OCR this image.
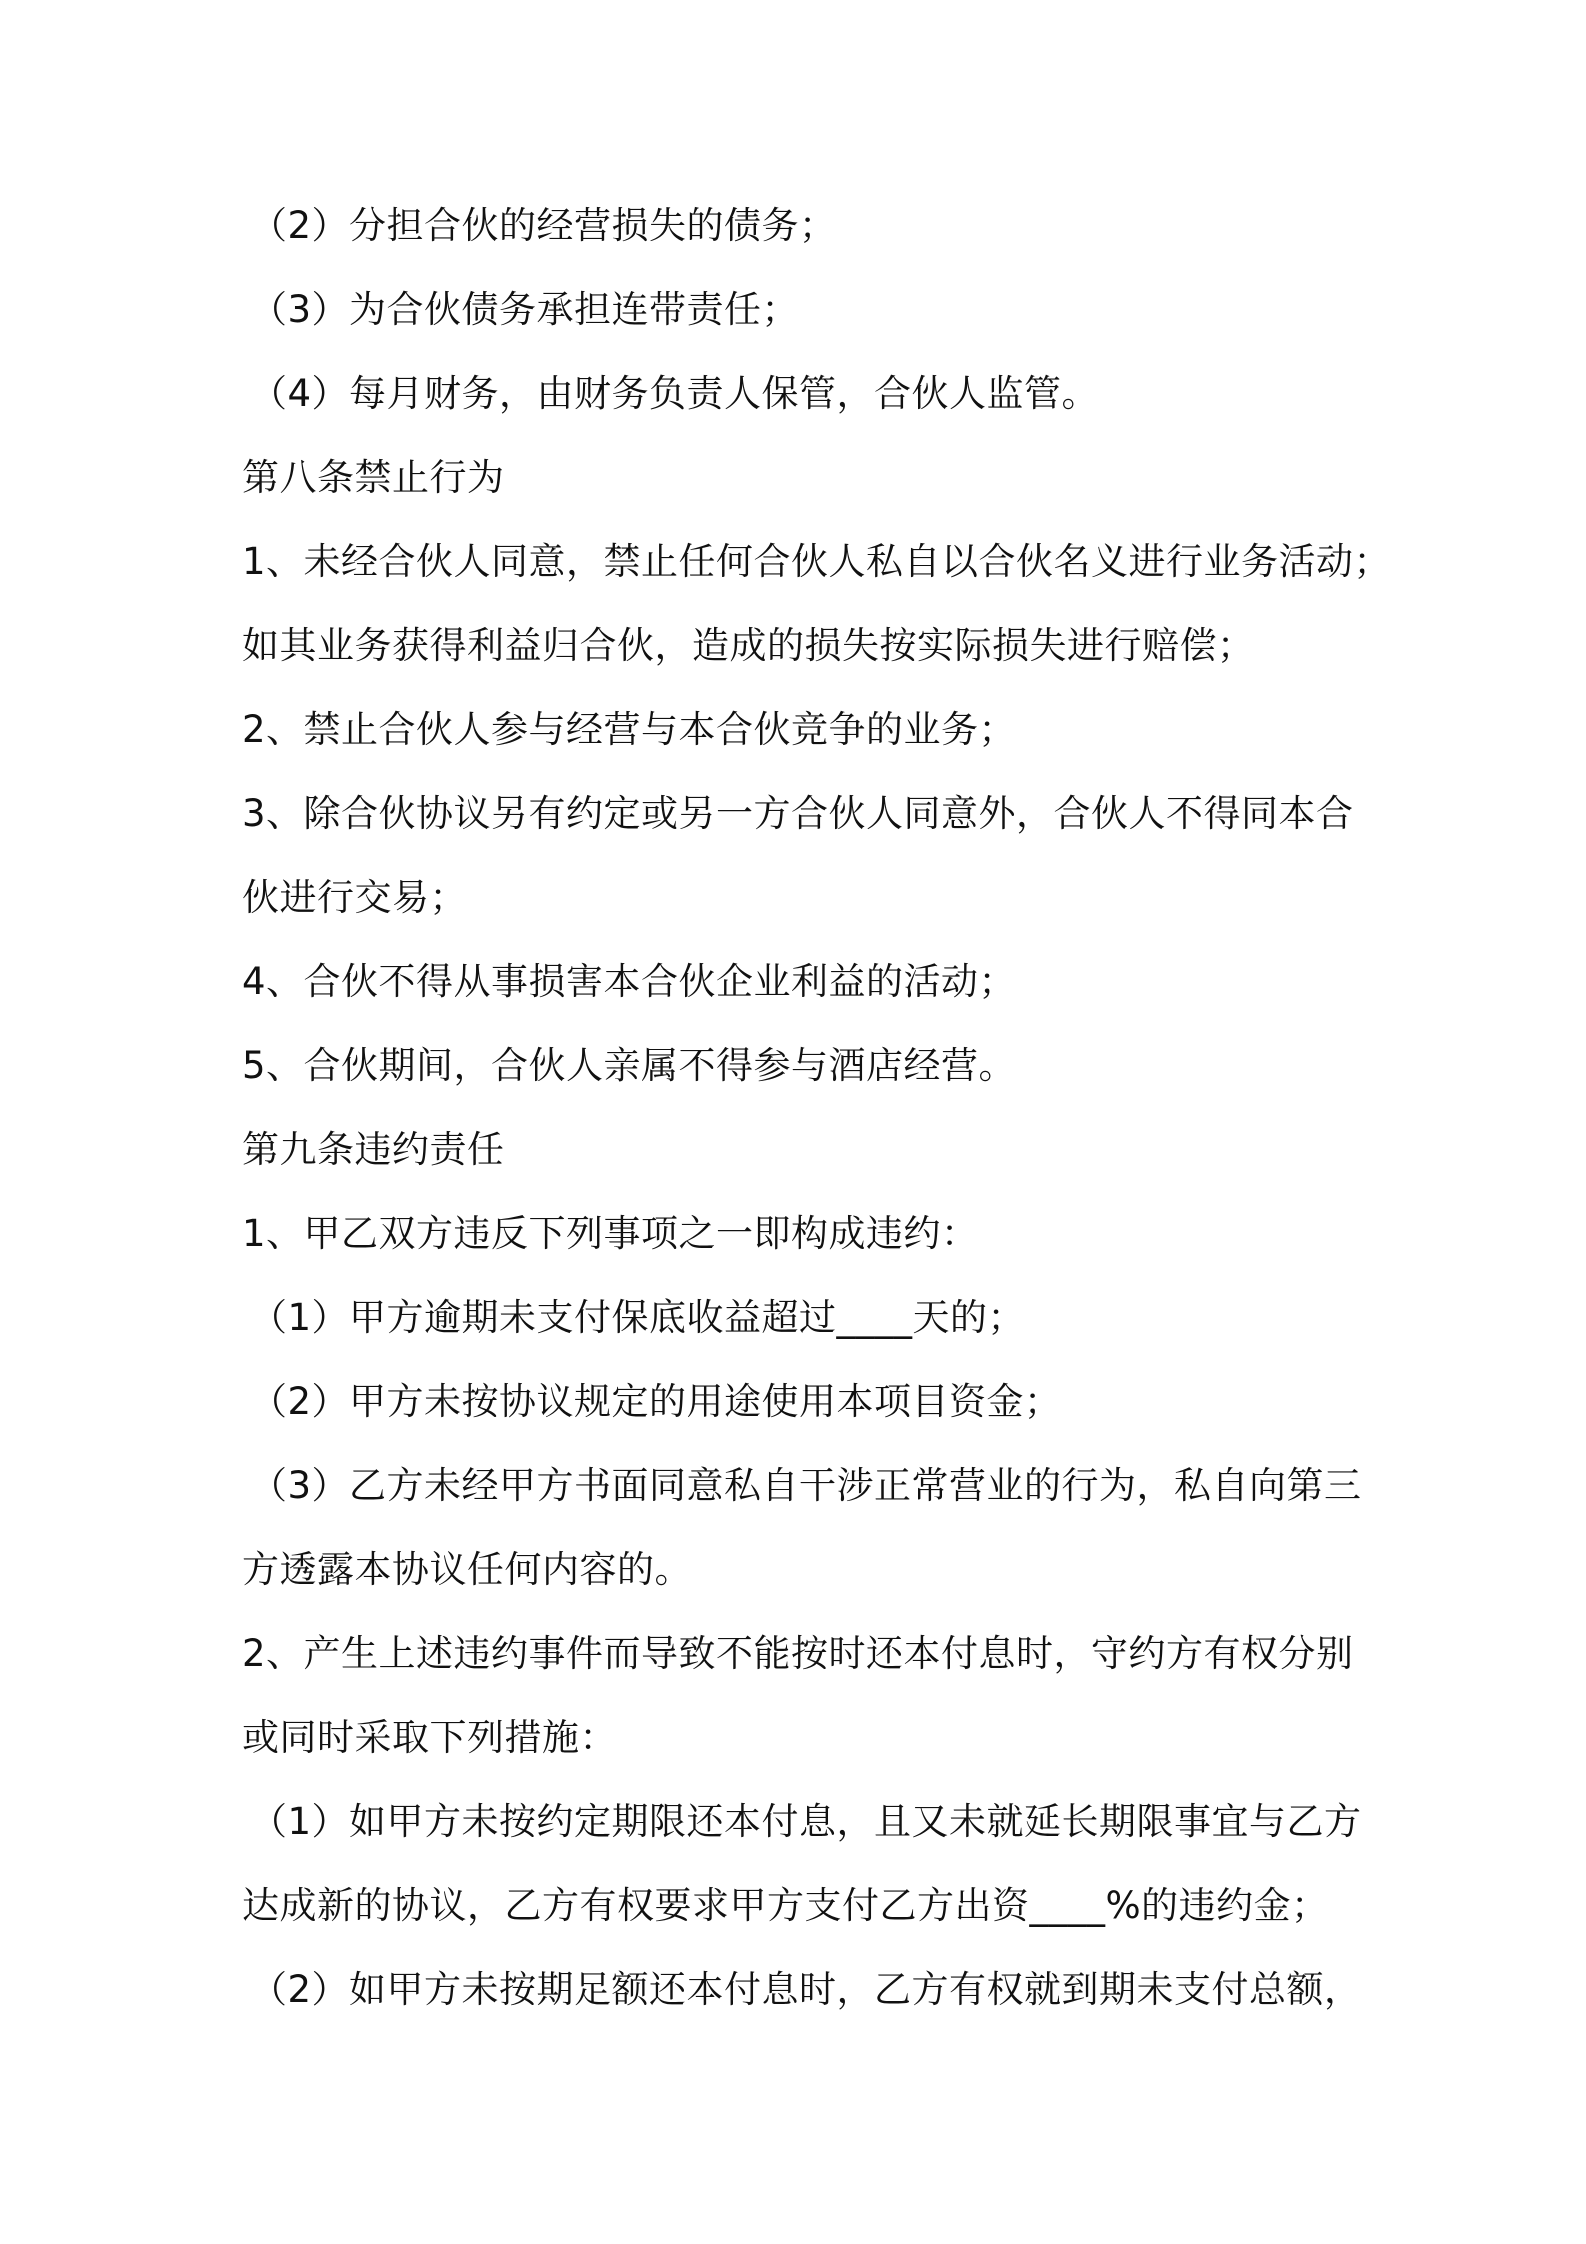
（2）分担合伙的经营损失的债务；
（3）为合伙债务承担连带责任；
（4）每月财务，由财务负责人保管，合伙人监管。
第八条禁止行为
1、未经合伙人同意，禁止任何合伙人私自以合伙名义进行业务活动；
如其业务获得利益归合伙，造成的损失按实际损失进行赔偿；
2、禁止合伙人参与经营与本合伙竞争的业务；
3、除合伙协议另有约定或另一方合伙人同意外，合伙人不得同本合
伙进行交易；
4、合伙不得从事损害本合伙企业利益的活动；
5、合伙期间，合伙人亲属不得参与酒店经营。
第九条违约责任
1、甲乙双方违反下列事项之一即构成违约：
（1）甲方逾期未支付保底收益超过____天的；
（2）甲方未按协议规定的用途使用本项目资金；
（3）乙方未经甲方书面同意私自干涉正常营业的行为，私自向第三
方透露本协议任何内容的。
2、产生上述违约事件而导致不能按时还本付息时，守约方有权分别
或同时采取下列措施：
（1）如甲方未按约定期限还本付息，且又未就延长期限事宜与乙方
达成新的协议，乙方有权要求甲方支付乙方出资____%的违约金；
（2）如甲方未按期足额还本付息时，乙方有权就到期未支付总额，
